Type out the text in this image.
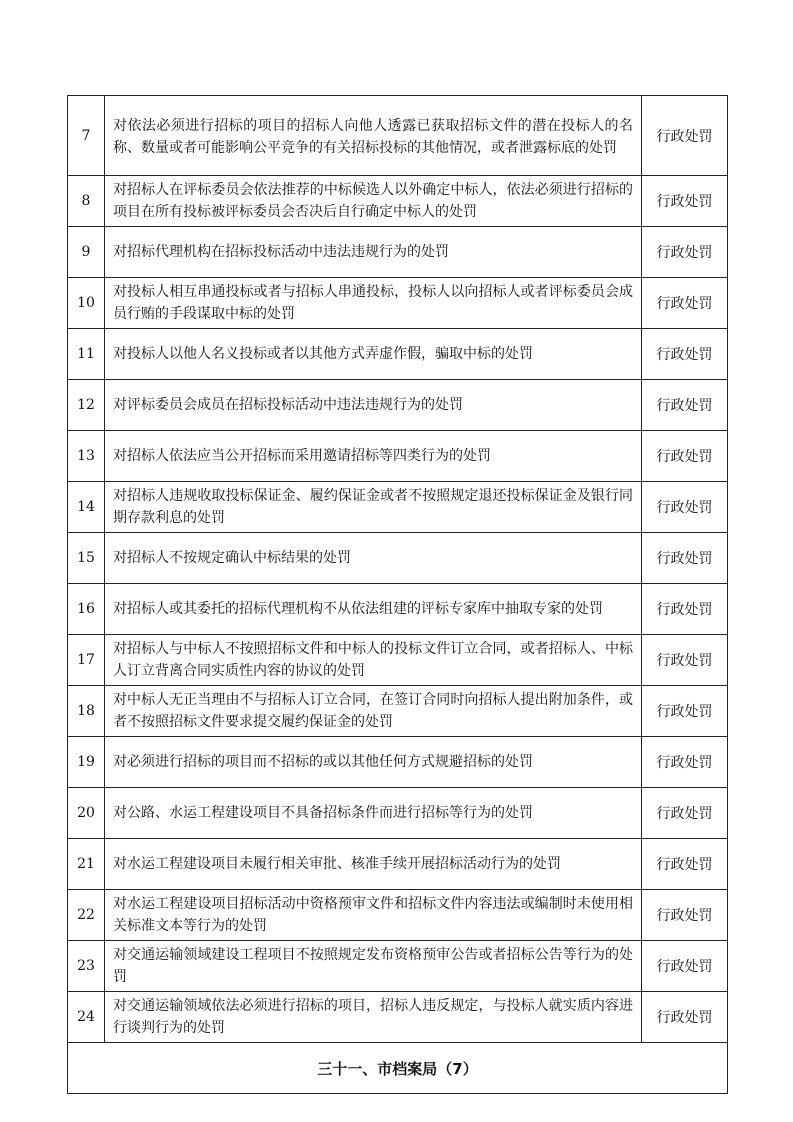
7	对依法必须进行招标的项目的招标人向他人透露已获取招标文件的潜在投标人的名称、数量或者可能影响公平竞争的有关招标投标的其他情况，或者泄露标底的处罚	行政处罚
8	对招标人在评标委员会依法推荐的中标候选人以外确定中标人，依法必须进行招标的项目在所有投标被评标委员会否决后自行确定中标人的处罚	行政处罚
9	对招标代理机构在招标投标活动中违法违规行为的处罚	行政处罚
10	对投标人相互串通投标或者与招标人串通投标，投标人以向招标人或者评标委员会成员行贿的手段谋取中标的处罚	行政处罚
11	对投标人以他人名义投标或者以其他方式弄虚作假，骗取中标的处罚	行政处罚
12	对评标委员会成员在招标投标活动中违法违规行为的处罚	行政处罚
13	对招标人依法应当公开招标而采用邀请招标等四类行为的处罚	行政处罚
14	对招标人违规收取投标保证金、履约保证金或者不按照规定退还投标保证金及银行同期存款利息的处罚	行政处罚
15	对招标人不按规定确认中标结果的处罚	行政处罚
16	对招标人或其委托的招标代理机构不从依法组建的评标专家库中抽取专家的处罚	行政处罚
17	对招标人与中标人不按照招标文件和中标人的投标文件订立合同，或者招标人、中标人订立背离合同实质性内容的协议的处罚	行政处罚
18	对中标人无正当理由不与招标人订立合同，在签订合同时向招标人提出附加条件，或者不按照招标文件要求提交履约保证金的处罚	行政处罚
19	对必须进行招标的项目而不招标的或以其他任何方式规避招标的处罚	行政处罚
20	对公路、水运工程建设项目不具备招标条件而进行招标等行为的处罚	行政处罚
21	对水运工程建设项目未履行相关审批、核准手续开展招标活动行为的处罚	行政处罚
22	对水运工程建设项目招标活动中资格预审文件和招标文件内容违法或编制时未使用相关标准文本等行为的处罚	行政处罚
23	对交通运输领域建设工程项目不按照规定发布资格预审公告或者招标公告等行为的处罚	行政处罚
24	对交通运输领域依法必须进行招标的项目，招标人违反规定，与投标人就实质内容进行谈判行为的处罚	行政处罚
三十一、市档案局（7）		
